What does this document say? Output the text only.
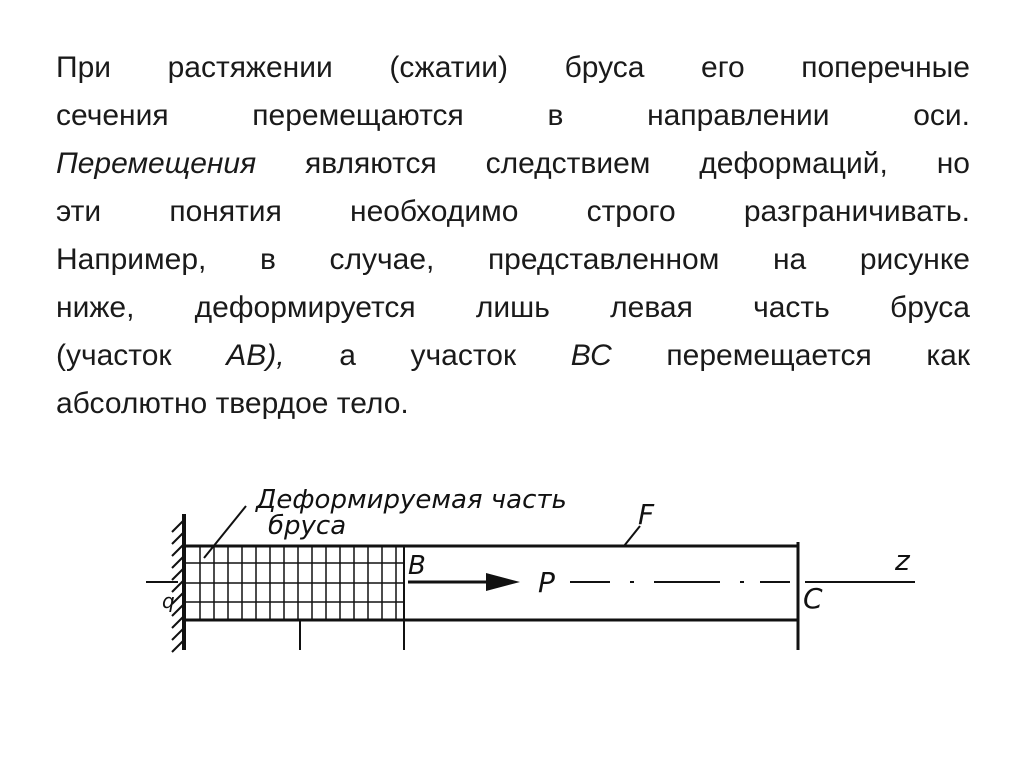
При растяжении (сжатии) бруса его поперечные
сечения	перемещаются	в	направлении	оси.
Перемещения являются следствием деформаций, но
эти понятия необходимо строго разграничивать.
Например, в случае, представленном на рисунке
ниже, деформируется лишь левая часть бруса
(участок АВ), а участок ВС перемещается как
абсолютно твердое тело.
Деформируемая часть
бруса	F
B	P	C
z
q
